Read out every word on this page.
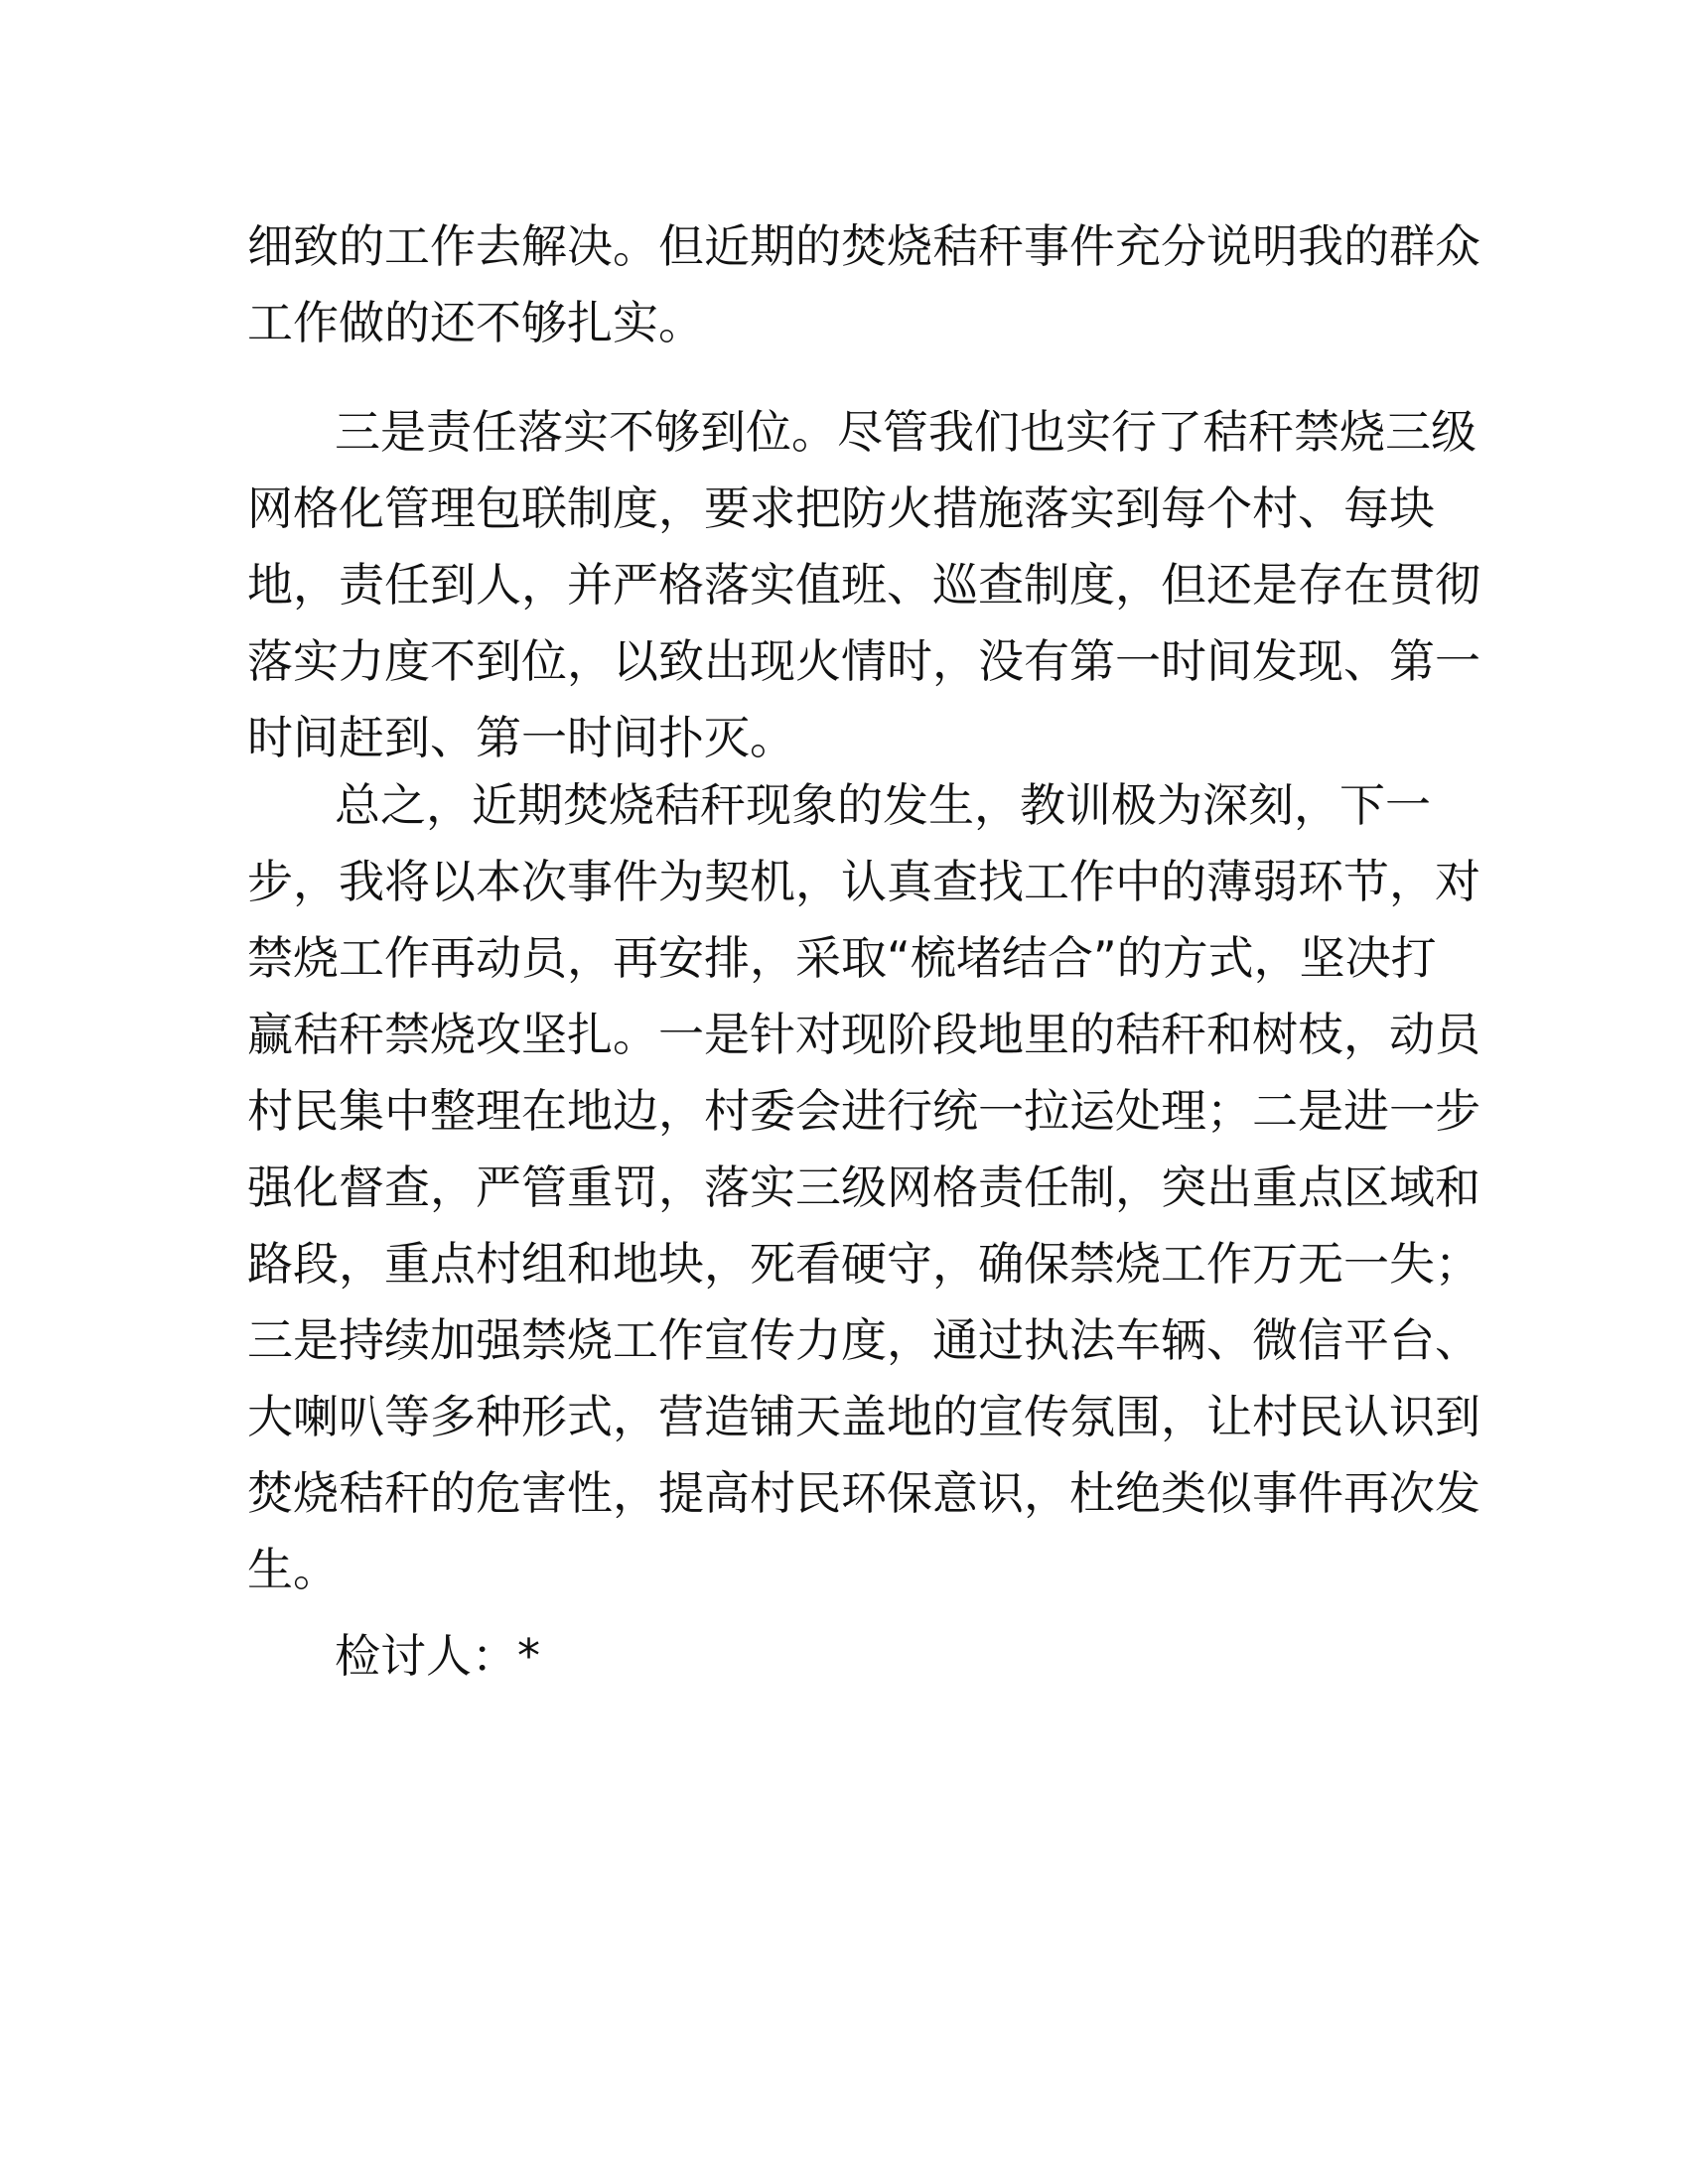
细致的工作去解决。但近期的焚烧秸秆事件充分说明我的群众
工作做的还不够扎实。
三是责任落实不够到位。尽管我们也实行了秸秆禁烧三级
网格化管理包联制度，要求把防火措施落实到每个村、每块
地，责任到人，并严格落实值班、巡查制度，但还是存在贯彻
落实力度不到位，以致出现火情时，没有第一时间发现、第一
时间赶到、第一时间扑灭。
总之，近期焚烧秸秆现象的发生，教训极为深刻，下一
步，我将以本次事件为契机，认真查找工作中的薄弱环节，对
禁烧工作再动员，再安排，采取“梳堵结合”的方式，坚决打
赢秸秆禁烧攻坚扎。一是针对现阶段地里的秸秆和树枝，动员
村民集中整理在地边，村委会进行统一拉运处理；二是进一步
强化督查，严管重罚，落实三级网格责任制，突出重点区域和
路段，重点村组和地块，死看硬守，确保禁烧工作万无一失；
三是持续加强禁烧工作宣传力度，通过执法车辆、微信平台、
大喇叭等多种形式，营造铺天盖地的宣传氛围，让村民认识到
焚烧秸秆的危害性，提高村民环保意识，杜绝类似事件再次发
生。
检讨人：*
